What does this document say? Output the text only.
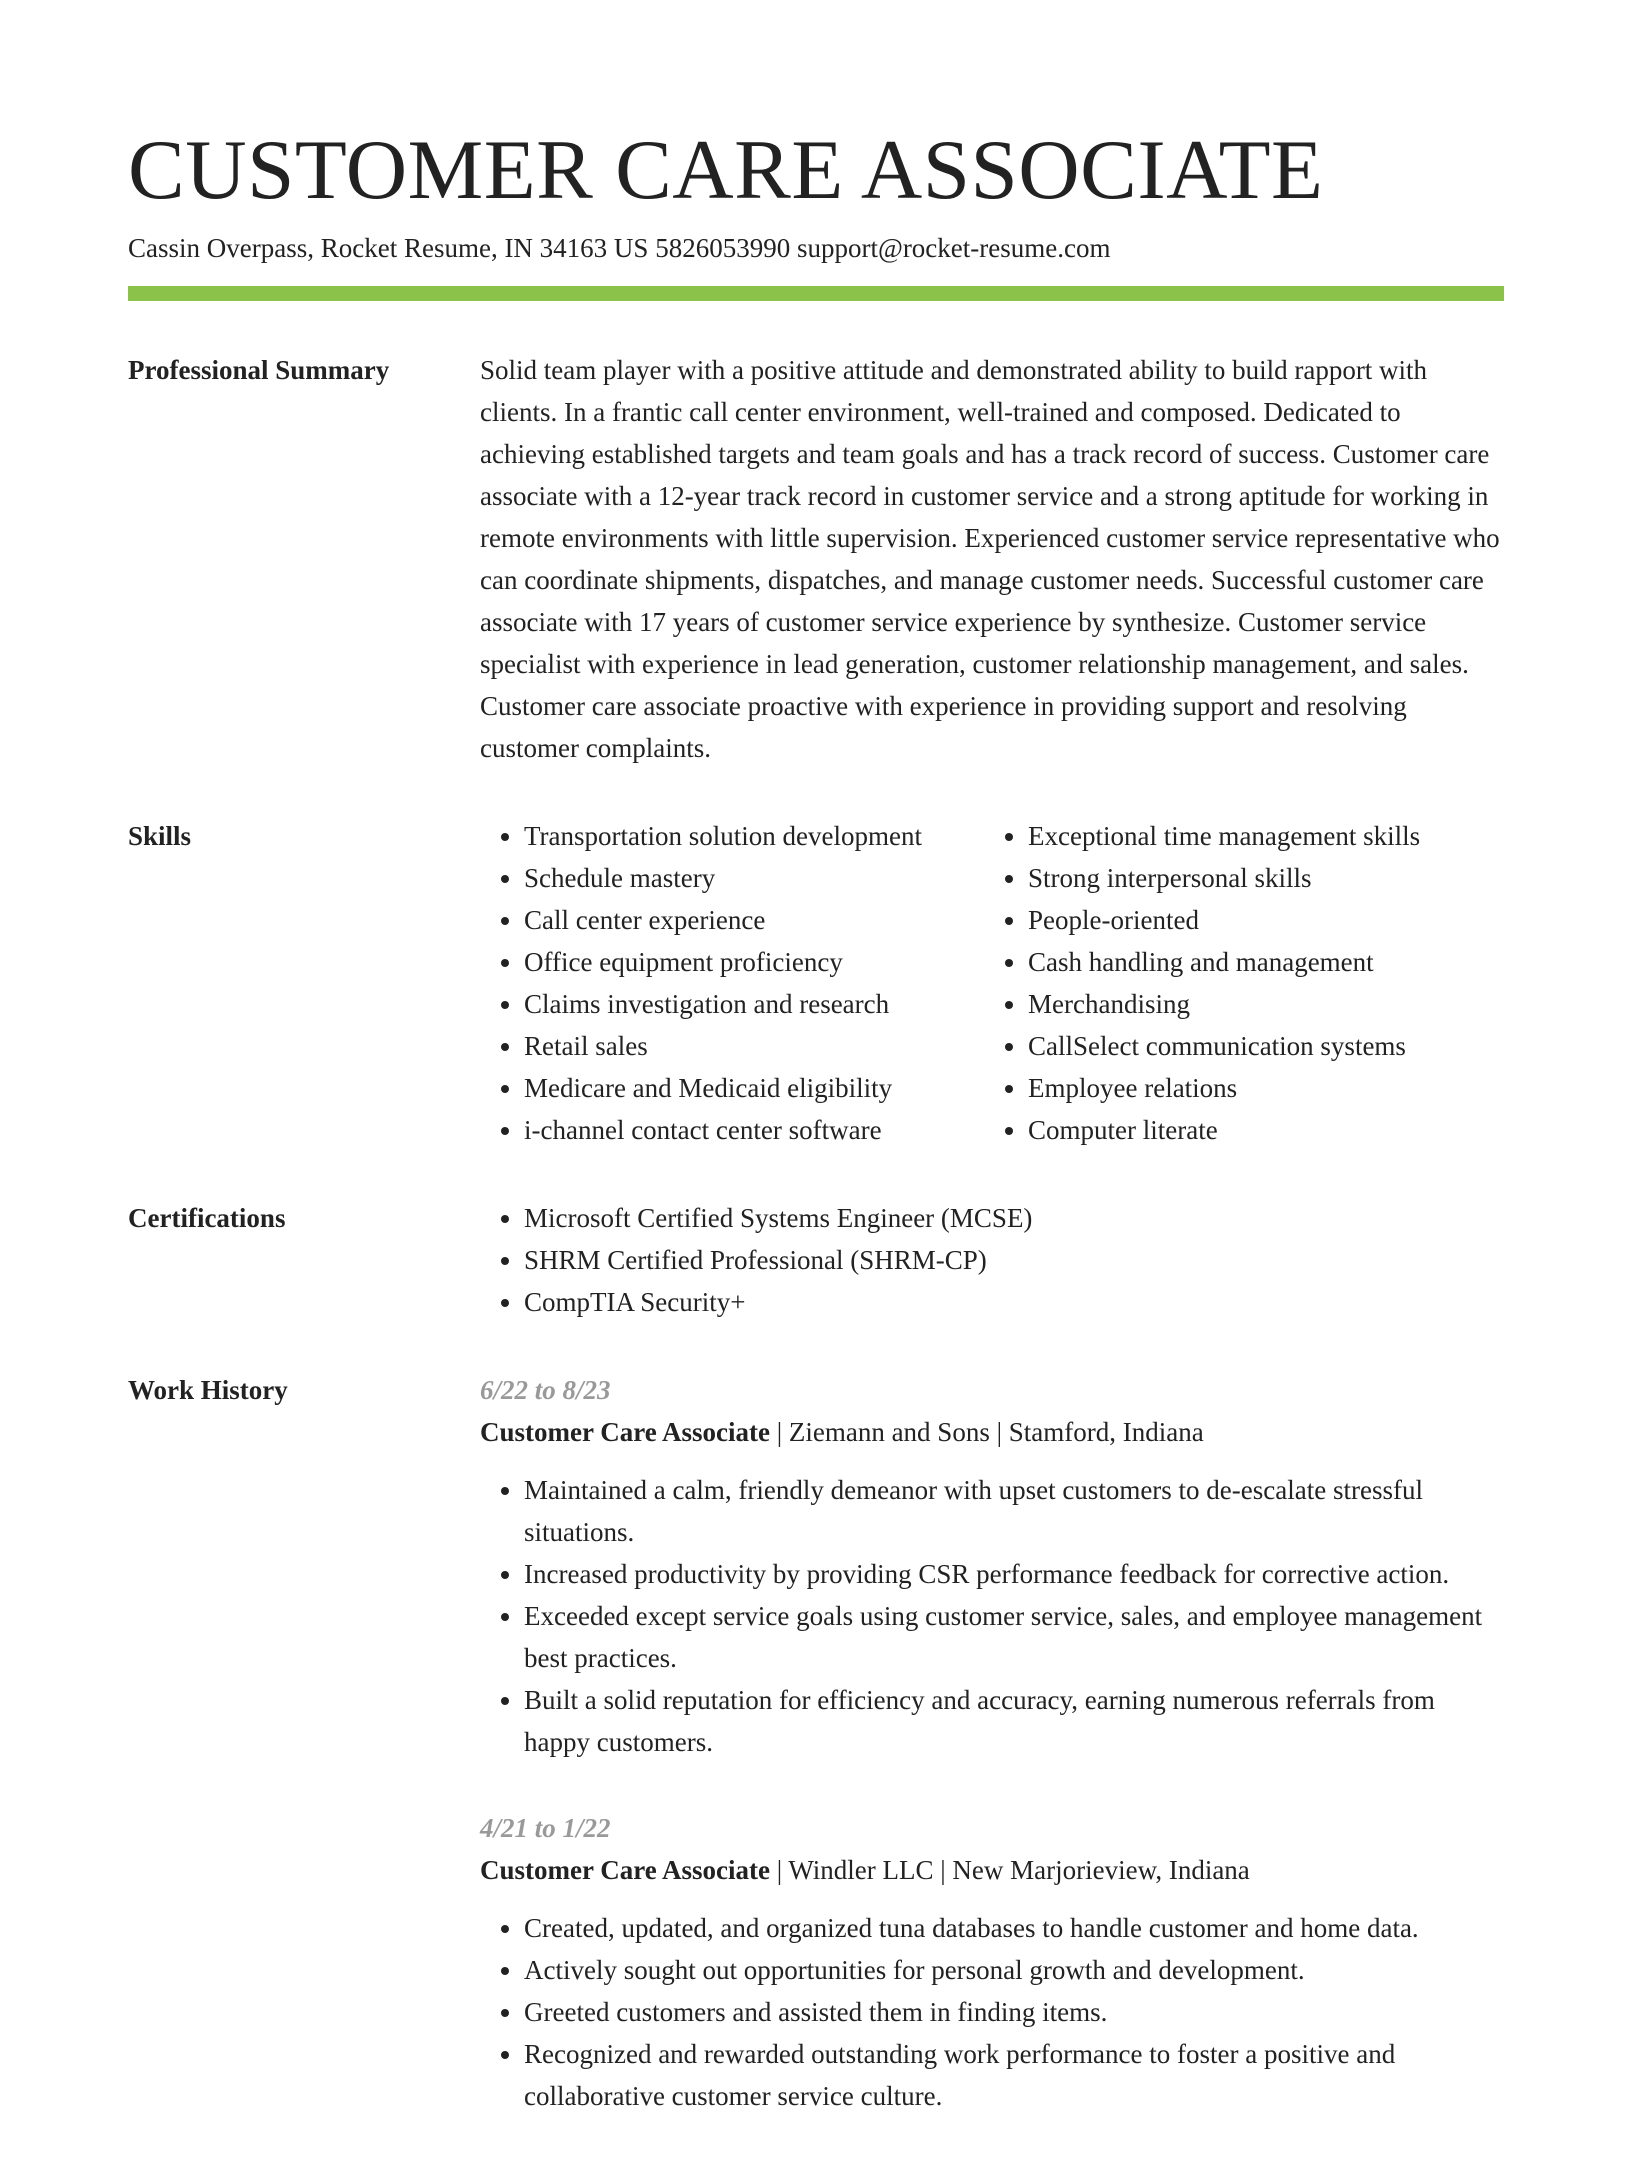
CUSTOMER CARE ASSOCIATE
Cassin Overpass, Rocket Resume, IN 34163 US 5826053990 support@rocket-resume.com
Professional Summary	Solid team player with a positive attitude and demonstrated ability to build rapport with clients. In a frantic call center environment, well-trained and composed. Dedicated to achieving established targets and team goals and has a track record of success. Customer care associate with a 12-year track record in customer service and a strong aptitude for working in remote environments with little supervision. Experienced customer service representative who can coordinate shipments, dispatches, and manage customer needs. Successful customer care associate with 17 years of customer service experience by synthesize. Customer service specialist with experience in lead generation, customer relationship management, and sales. Customer care associate proactive with experience in providing support and resolving customer complaints.

Skills	• Transportation solution development
• Schedule mastery
• Call center experience
• Office equipment proficiency
• Claims investigation and research
• Retail sales
• Medicare and Medicaid eligibility
• i-channel contact center software
• Exceptional time management skills
• Strong interpersonal skills
• People-oriented
• Cash handling and management
• Merchandising
• CallSelect communication systems
• Employee relations
• Computer literate
Certifications	• Microsoft Certified Systems Engineer (MCSE)
• SHRM Certified Professional (SHRM-CP)
• CompTIA Security+
Work History	6/22 to 8/23
Customer Care Associate | Ziemann and Sons | Stamford, Indiana
• Maintained a calm, friendly demeanor with upset customers to de-escalate stressful situations.
• Increased productivity by providing CSR performance feedback for corrective action.
• Exceeded except service goals using customer service, sales, and employee management best practices.
• Built a solid reputation for efficiency and accuracy, earning numerous referrals from happy customers.
4/21 to 1/22
Customer Care Associate | Windler LLC | New Marjorieview, Indiana
• Created, updated, and organized tuna databases to handle customer and home data.
• Actively sought out opportunities for personal growth and development.
• Greeted customers and assisted them in finding items.
• Recognized and rewarded outstanding work performance to foster a positive and collaborative customer service culture.
